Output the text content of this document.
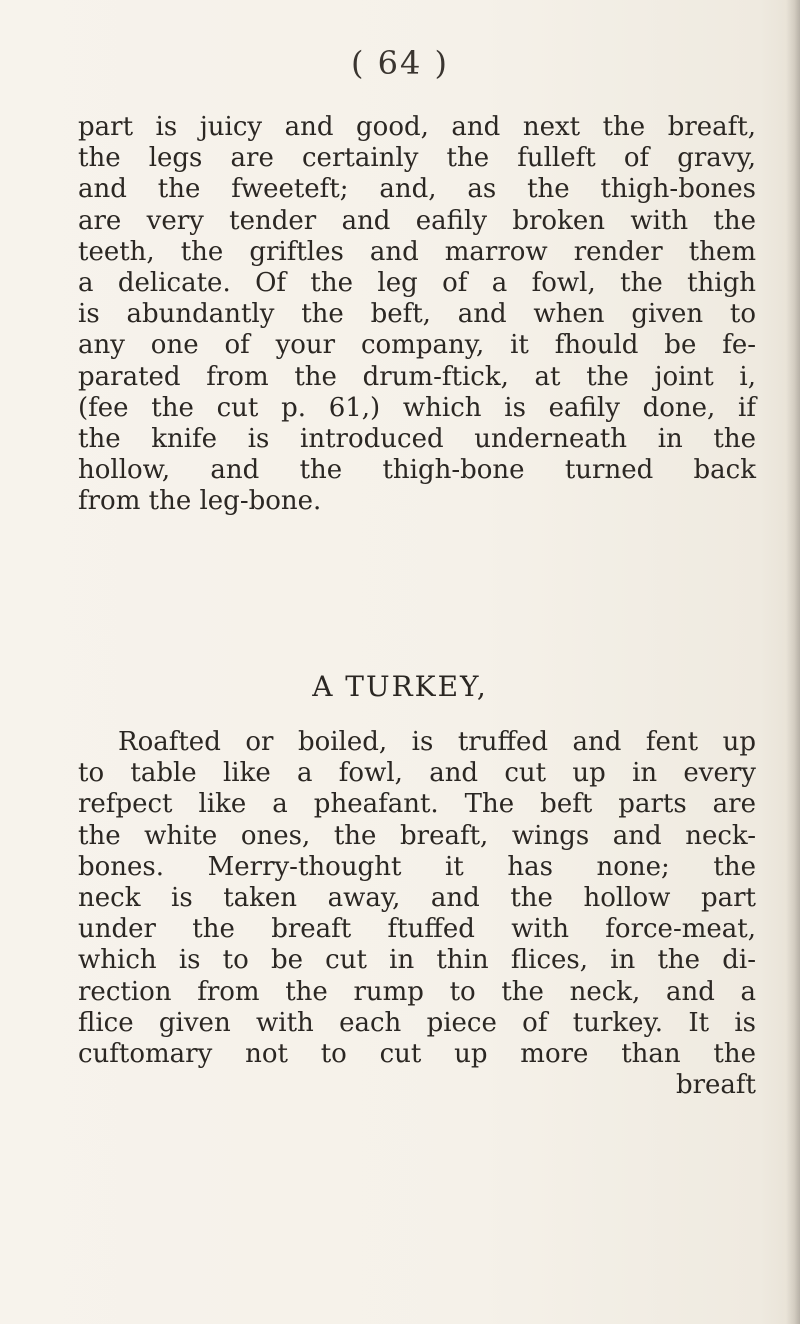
( 64 )
part is juicy and good, and next the breaft,
the legs are certainly the fulleft of gravy,
and the fweeteft; and, as the thigh-bones
are very tender and eafily broken with the
teeth, the griftles and marrow render them
a delicate. Of the leg of a fowl, the thigh
is abundantly the beft, and when given to
any one of your company, it fhould be fe-
parated from the drum-ftick, at the joint i,
(fee the cut p. 61,) which is eafily done, if
the knife is introduced underneath in the
hollow, and the thigh-bone turned back
from the leg-bone.
A TURKEY,
Roafted or boiled, is truffed and fent up
to table like a fowl, and cut up in every
refpect like a pheafant. The beft parts are
the white ones, the breaft, wings and neck-
bones. Merry-thought it has none; the
neck is taken away, and the hollow part
under the breaft ftuffed with force-meat,
which is to be cut in thin flices, in the di-
rection from the rump to the neck, and a
flice given with each piece of turkey. It is
cuftomary not to cut up more than the
breaft
